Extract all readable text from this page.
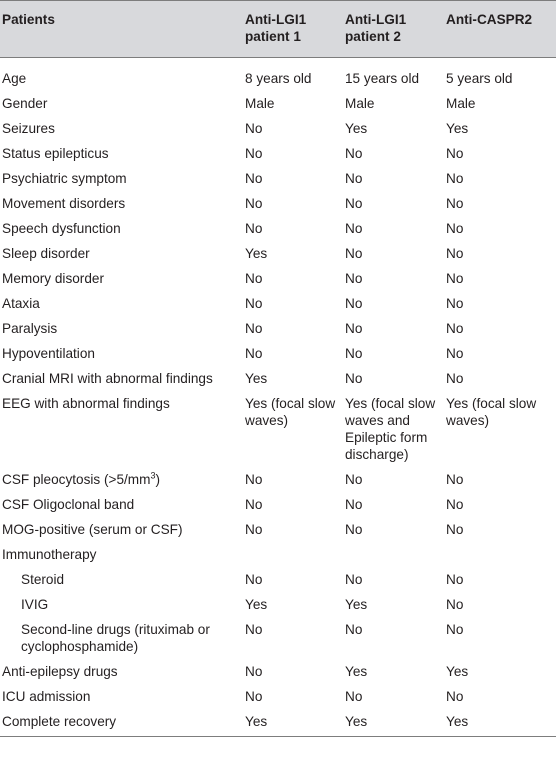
Patients	Anti-LGI1 patient 1	Anti-LGI1 patient 2	Anti-CASPR2
Age	8 years old	15 years old	5 years old
Gender	Male	Male	Male
Seizures	No	Yes	Yes
Status epilepticus	No	No	No
Psychiatric symptom	No	No	No
Movement disorders	No	No	No
Speech dysfunction	No	No	No
Sleep disorder	Yes	No	No
Memory disorder	No	No	No
Ataxia	No	No	No
Paralysis	No	No	No
Hypoventilation	No	No	No
Cranial MRI with abnormal findings	Yes	No	No
EEG with abnormal findings	Yes (focal slow waves)	Yes (focal slow waves and Epileptic form discharge)	Yes (focal slow waves)
CSF pleocytosis $(>5/mm^3)$	No	No	No
CSF Oligoclonal band	No	No	No
MOG-positive (serum or CSF)	No	No	No
Immunotherapy			
Steroid	No	No	No
IVIG	Yes	Yes	No
Second-line drugs (rituximab or cyclophosphamide)	No	No	No
Anti-epilepsy drugs	No	Yes	Yes
ICU admission	No	No	No
Complete recovery	Yes	Yes	Yes
